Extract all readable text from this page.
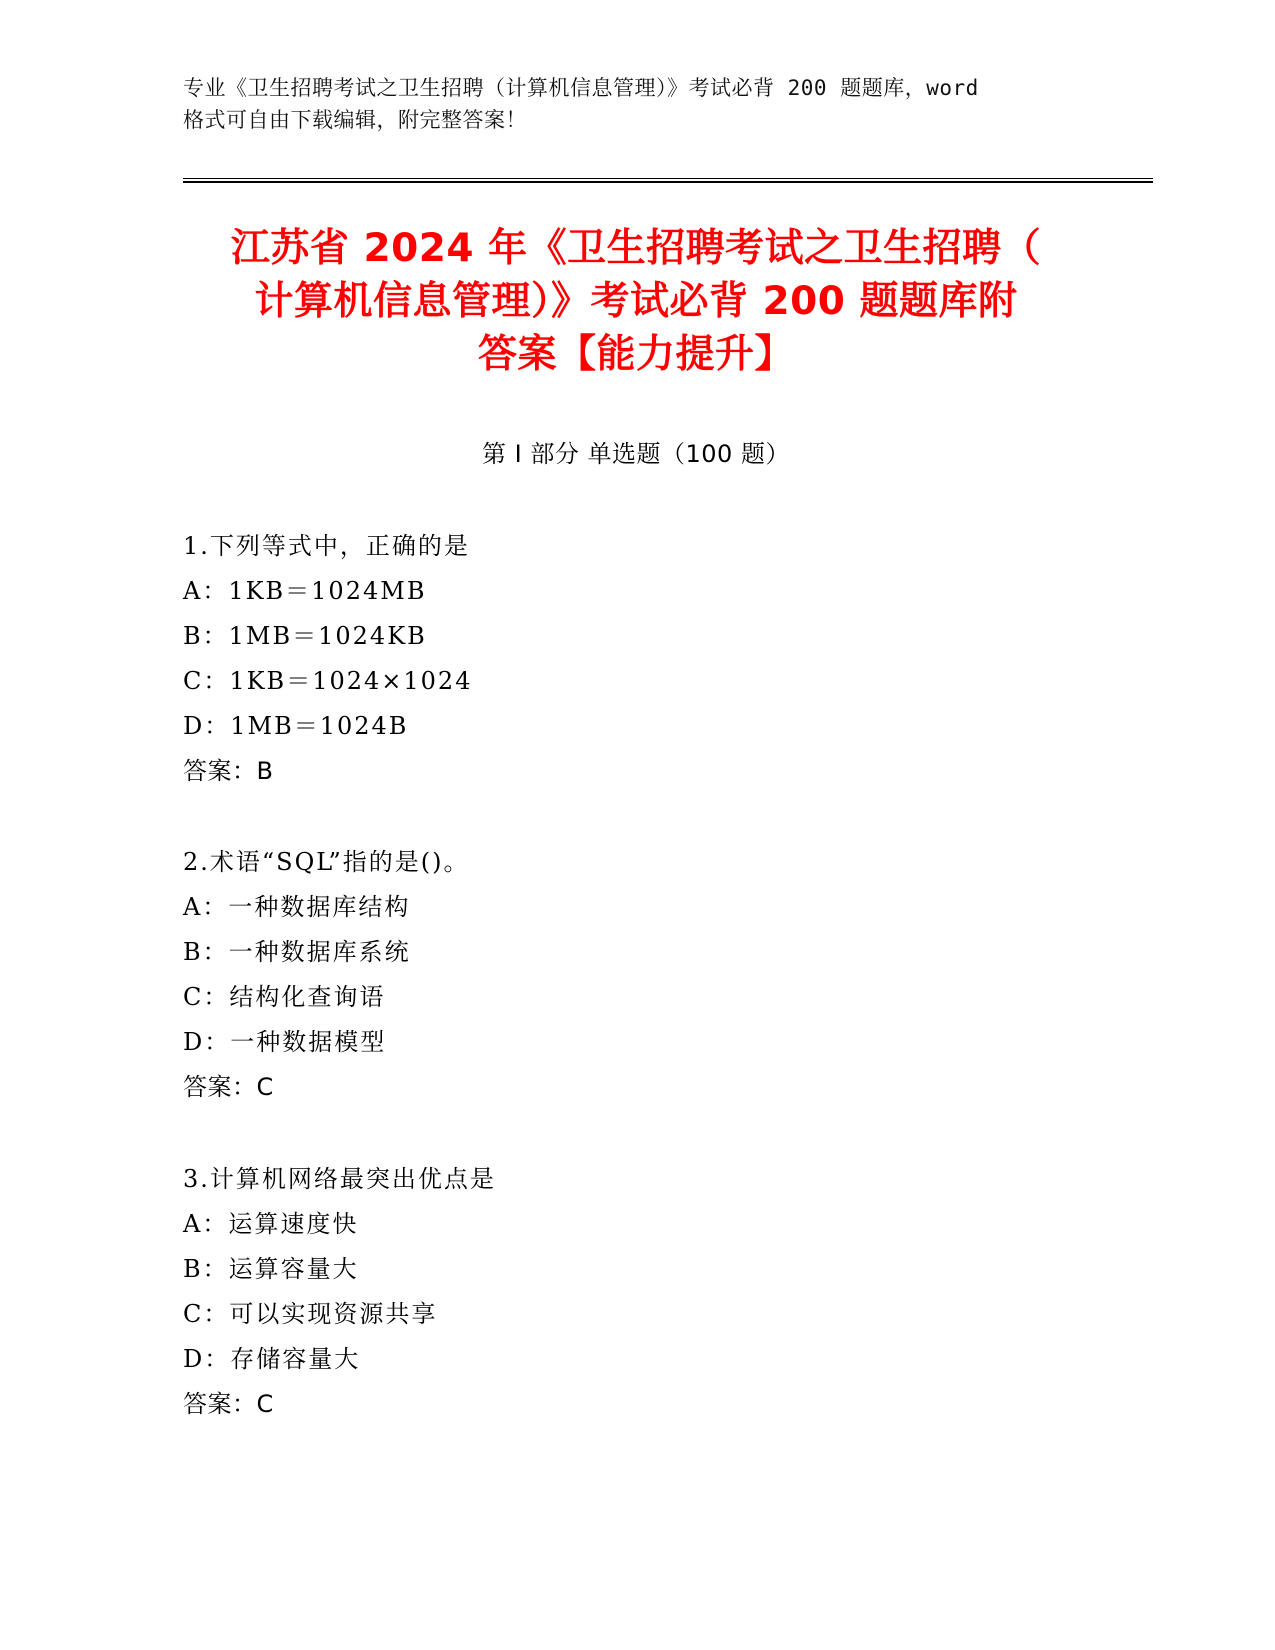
专业《卫生招聘考试之卫生招聘（计算机信息管理）》考试必背 200 题题库，word
格式可自由下载编辑，附完整答案！
江苏省 2024 年《卫生招聘考试之卫生招聘（
计算机信息管理）》考试必背 200 题题库附
答案【能力提升】
第 I 部分 单选题（100 题）
1.下列等式中，正确的是
A：1KB＝1024MB
B：1MB＝1024KB
C：1KB＝1024×1024
D：1MB＝1024B
答案：B
2.术语“SQL”指的是()。
A：一种数据库结构
B：一种数据库系统
C：结构化查询语
D：一种数据模型
答案：C
3.计算机网络最突出优点是
A：运算速度快
B：运算容量大
C：可以实现资源共享
D：存储容量大
答案：C
